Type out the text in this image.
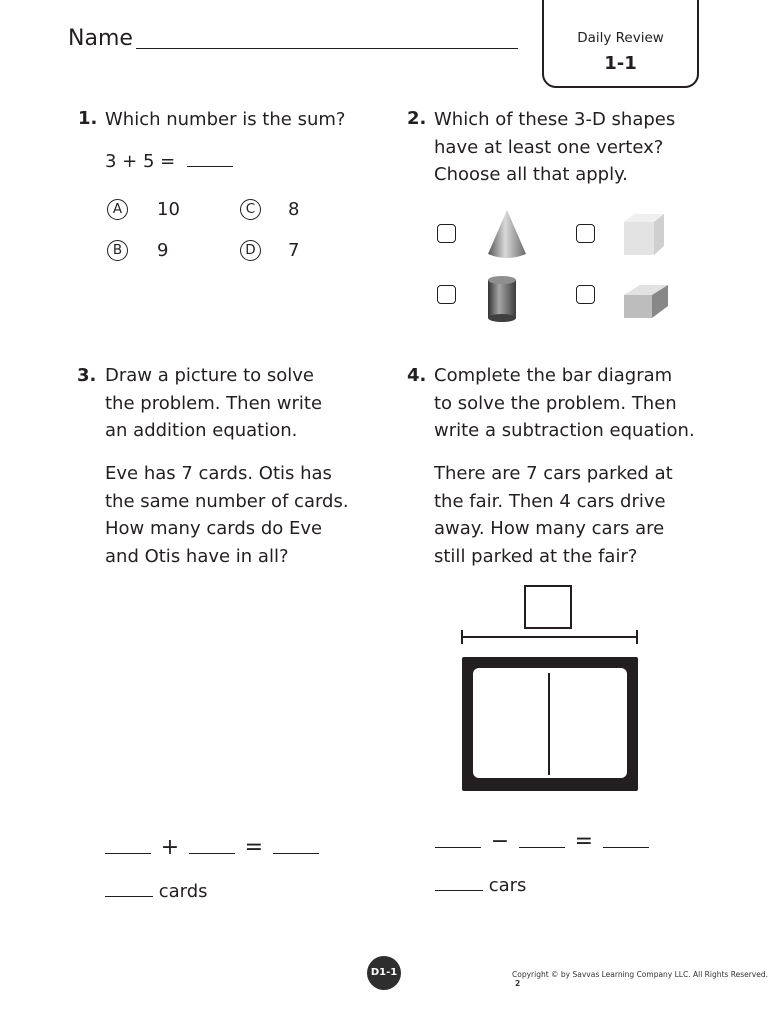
Name	Daily Review
1-1
1. Which number is the sum?
3 + 5 =
A 10	C 8
B 9	D 7
2. Which of these 3-D shapes
have at least one vertex?
Choose all that apply.
3. Draw a picture to solve
the problem. Then write
an addition equation.
Eve has 7 cards. Otis has
the same number of cards.
How many cards do Eve
and Otis have in all?
+	=
cards
4. Complete the bar diagram
to solve the problem. Then
write a subtraction equation.
There are 7 cars parked at
the fair. Then 4 cars drive
away. How many cars are
still parked at the fair?
−	=
cars
D1-1	Copyright © by Savvas Learning Company LLC. All Rights Reserved. 2
